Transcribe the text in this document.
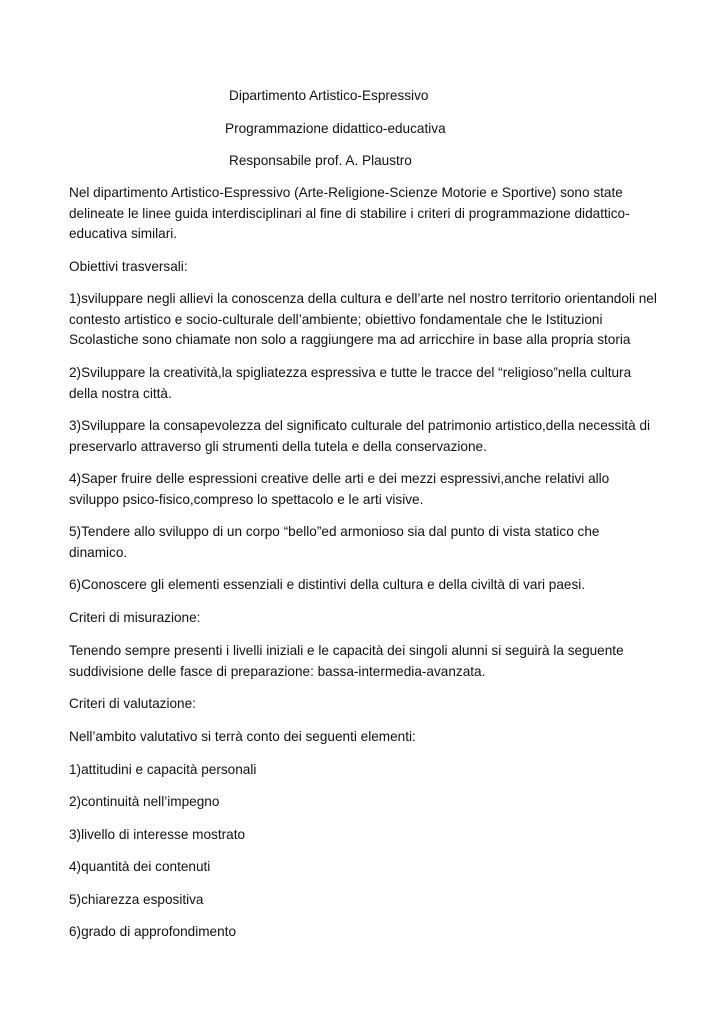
Dipartimento Artistico-Espressivo
Programmazione didattico-educativa
Responsabile prof. A. Plaustro

Nel dipartimento Artistico-Espressivo (Arte-Religione-Scienze Motorie e Sportive) sono state delineate le linee guida interdisciplinari al fine di stabilire i criteri di programmazione didattico-educativa similari.

Obiettivi trasversali:

1)sviluppare negli allievi la conoscenza della cultura e dell’arte nel nostro territorio orientandoli nel contesto artistico e socio-culturale dell’ambiente; obiettivo fondamentale che le Istituzioni Scolastiche sono chiamate non solo a raggiungere ma ad arricchire in base alla propria storia

2)Sviluppare la creatività,la spigliatezza espressiva e tutte le tracce del “religioso”nella cultura della nostra città.

3)Sviluppare la consapevolezza del significato culturale del patrimonio artistico,della necessità di preservarlo attraverso gli strumenti della tutela e della conservazione.

4)Saper fruire delle espressioni creative delle arti e dei mezzi espressivi,anche relativi allo sviluppo psico-fisico,compreso lo spettacolo e le arti visive.

5)Tendere allo sviluppo di un corpo “bello”ed armonioso sia dal punto di vista statico che dinamico.

6)Conoscere gli elementi essenziali e distintivi della cultura e della civiltà di vari paesi.

Criteri di misurazione:

Tenendo sempre presenti i livelli iniziali e le capacità dei singoli alunni si seguirà la seguente suddivisione delle fasce di preparazione: bassa-intermedia-avanzata.

Criteri di valutazione:

Nell’ambito valutativo si terrà conto dei seguenti elementi:

1)attitudini e capacità personali

2)continuità nell’impegno

3)livello di interesse mostrato

4)quantità dei contenuti

5)chiarezza espositiva

6)grado di approfondimento
